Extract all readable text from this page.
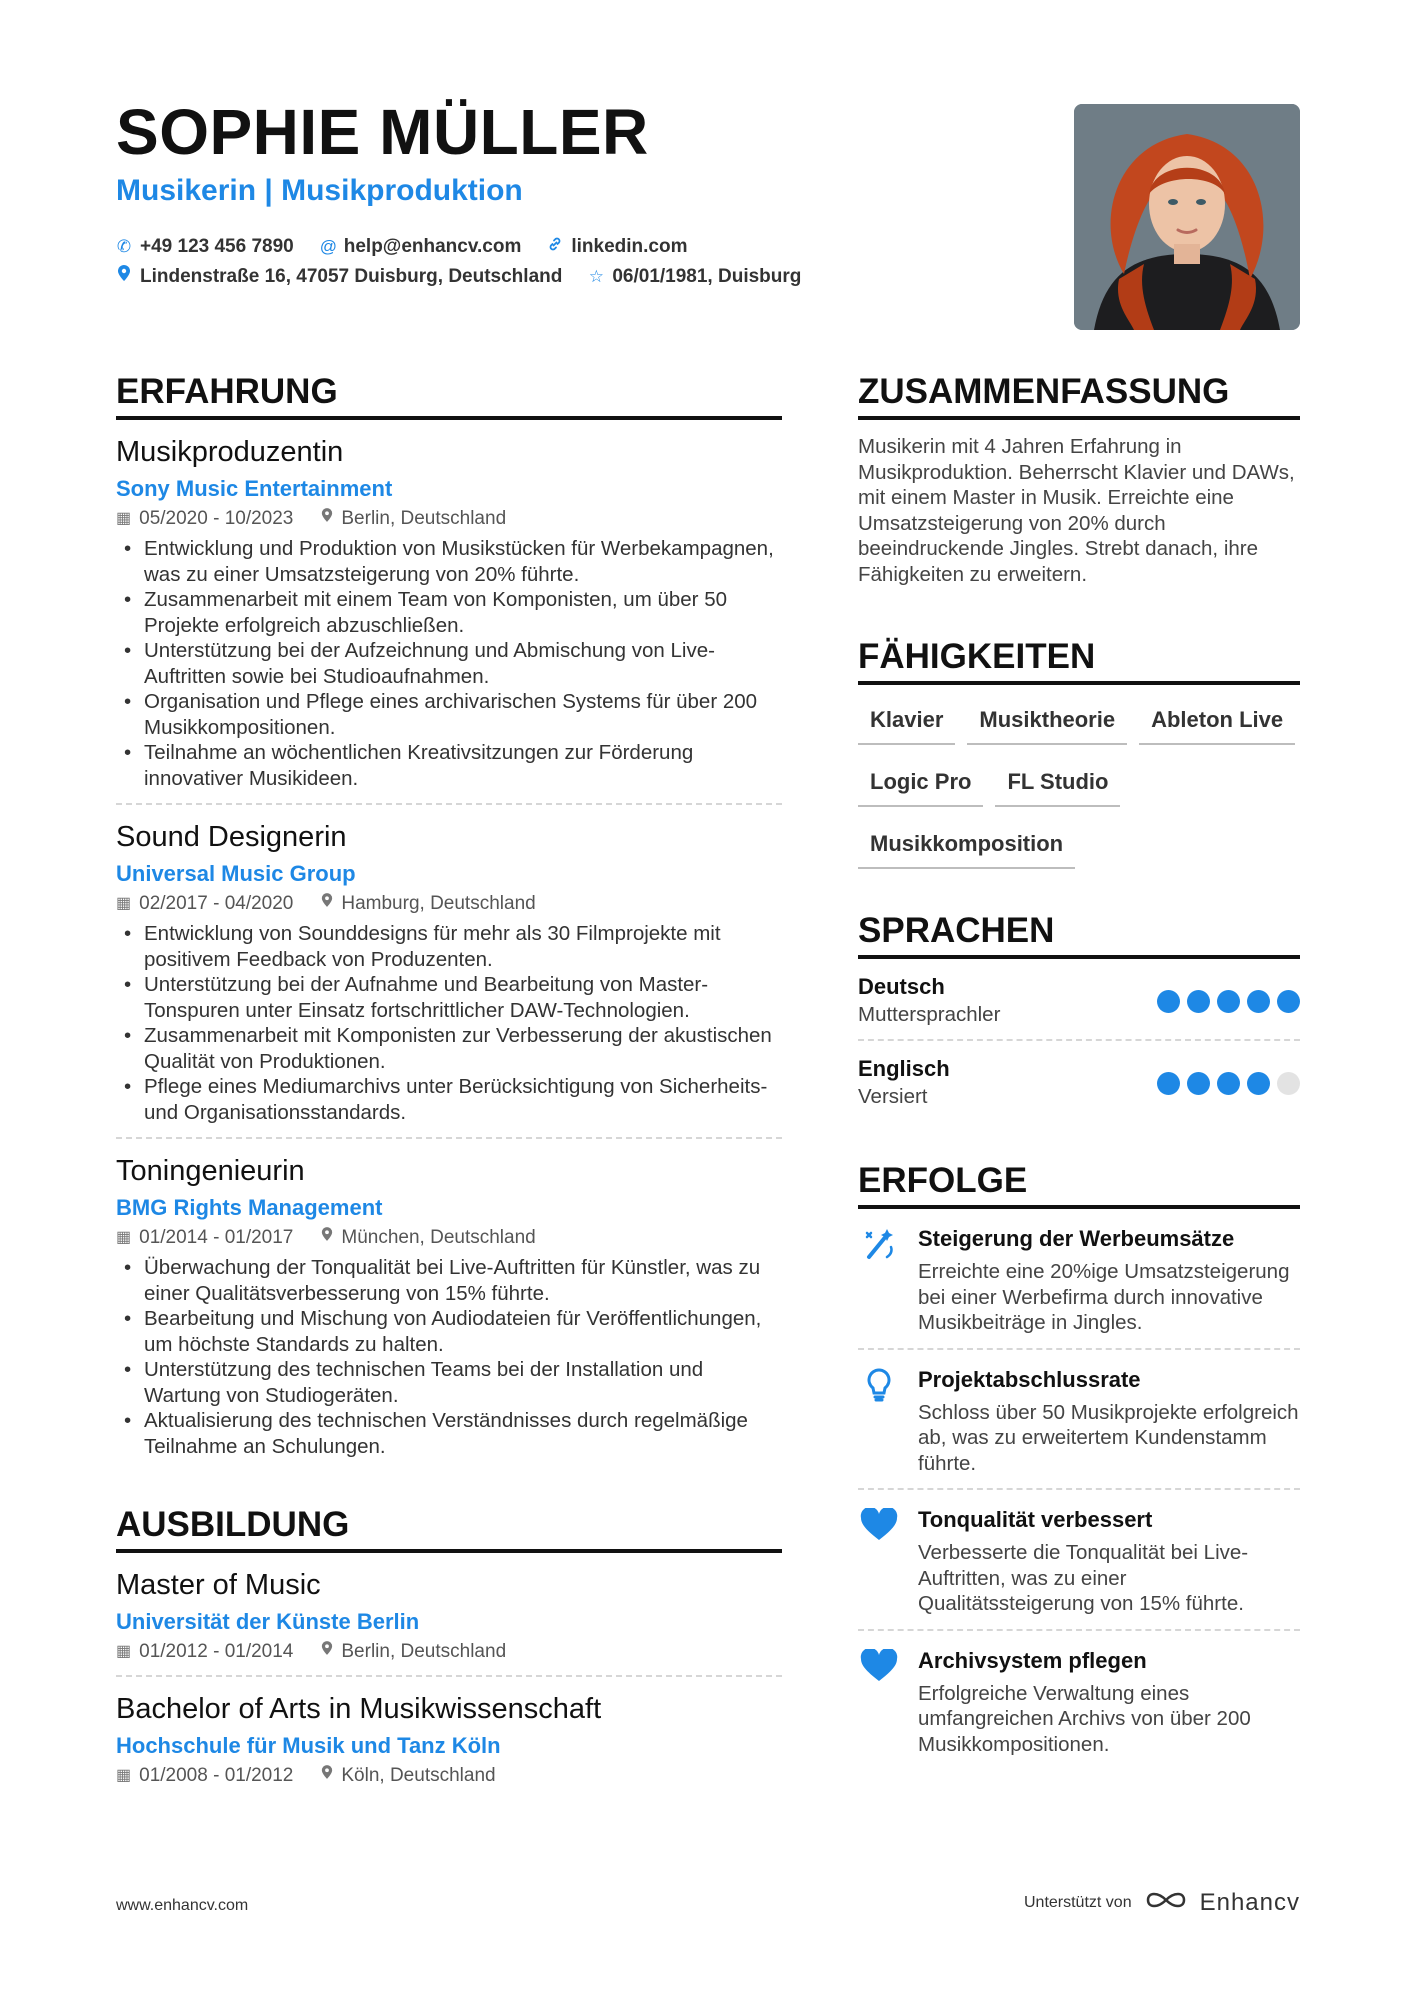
SOPHIE MÜLLER
Musikerin | Musikproduktion
✆ +49 123 456 7890 @ help@enhancv.com	linkedin.com
Lindenstraße 16, 47057 Duisburg, Deutschland ☆ 06/01/1981, Duisburg
ERFAHRUNG
Musikproduzentin
Sony Music Entertainment
▦ 05/2020 - 10/2023	Berlin, Deutschland
• Entwicklung und Produktion von Musikstücken für Werbekampagnen, was zu einer Umsatzsteigerung von 20% führte.
• Zusammenarbeit mit einem Team von Komponisten, um über 50 Projekte erfolgreich abzuschließen.
• Unterstützung bei der Aufzeichnung und Abmischung von Live-Auftritten sowie bei Studioaufnahmen.
• Organisation und Pflege eines archivarischen Systems für über 200 Musikkompositionen.
• Teilnahme an wöchentlichen Kreativsitzungen zur Förderung innovativer Musikideen.
Sound Designerin
Universal Music Group
▦ 02/2017 - 04/2020	Hamburg, Deutschland
• Entwicklung von Sounddesigns für mehr als 30 Filmprojekte mit positivem Feedback von Produzenten.
• Unterstützung bei der Aufnahme und Bearbeitung von Master-Tonspuren unter Einsatz fortschrittlicher DAW-Technologien.
• Zusammenarbeit mit Komponisten zur Verbesserung der akustischen Qualität von Produktionen.
• Pflege eines Mediumarchivs unter Berücksichtigung von Sicherheits- und Organisationsstandards.
Toningenieurin
BMG Rights Management
▦ 01/2014 - 01/2017	München, Deutschland
• Überwachung der Tonqualität bei Live-Auftritten für Künstler, was zu einer Qualitätsverbesserung von 15% führte.
• Bearbeitung und Mischung von Audiodateien für Veröffentlichungen, um höchste Standards zu halten.
• Unterstützung des technischen Teams bei der Installation und Wartung von Studiogeräten.
• Aktualisierung des technischen Verständnisses durch regelmäßige Teilnahme an Schulungen.
AUSBILDUNG
Master of Music
Universität der Künste Berlin
▦ 01/2012 - 01/2014	Berlin, Deutschland
Bachelor of Arts in Musikwissenschaft
Hochschule für Musik und Tanz Köln
▦ 01/2008 - 01/2012	Köln, Deutschland
ZUSAMMENFASSUNG
Musikerin mit 4 Jahren Erfahrung in Musikproduktion. Beherrscht Klavier und DAWs, mit einem Master in Musik. Erreichte eine Umsatzsteigerung von 20% durch beeindruckende Jingles. Strebt danach, ihre Fähigkeiten zu erweitern.
FÄHIGKEITEN
Klavier	Musiktheorie	Ableton Live
Logic Pro	FL Studio
Musikkomposition
SPRACHEN
Deutsch
Muttersprachler
Englisch
Versiert
ERFOLGE
Steigerung der Werbeumsätze
Erreichte eine 20%ige Umsatzsteigerung bei einer Werbefirma durch innovative Musikbeiträge in Jingles.
Projektabschlussrate
Schloss über 50 Musikprojekte erfolgreich ab, was zu erweitertem Kundenstamm führte.
Tonqualität verbessert
Verbesserte die Tonqualität bei Live-Auftritten, was zu einer Qualitätssteigerung von 15% führte.
Archivsystem pflegen
Erfolgreiche Verwaltung eines umfangreichen Archivs von über 200 Musikkompositionen.
www.enhancv.com	Unterstützt von	Enhancv
